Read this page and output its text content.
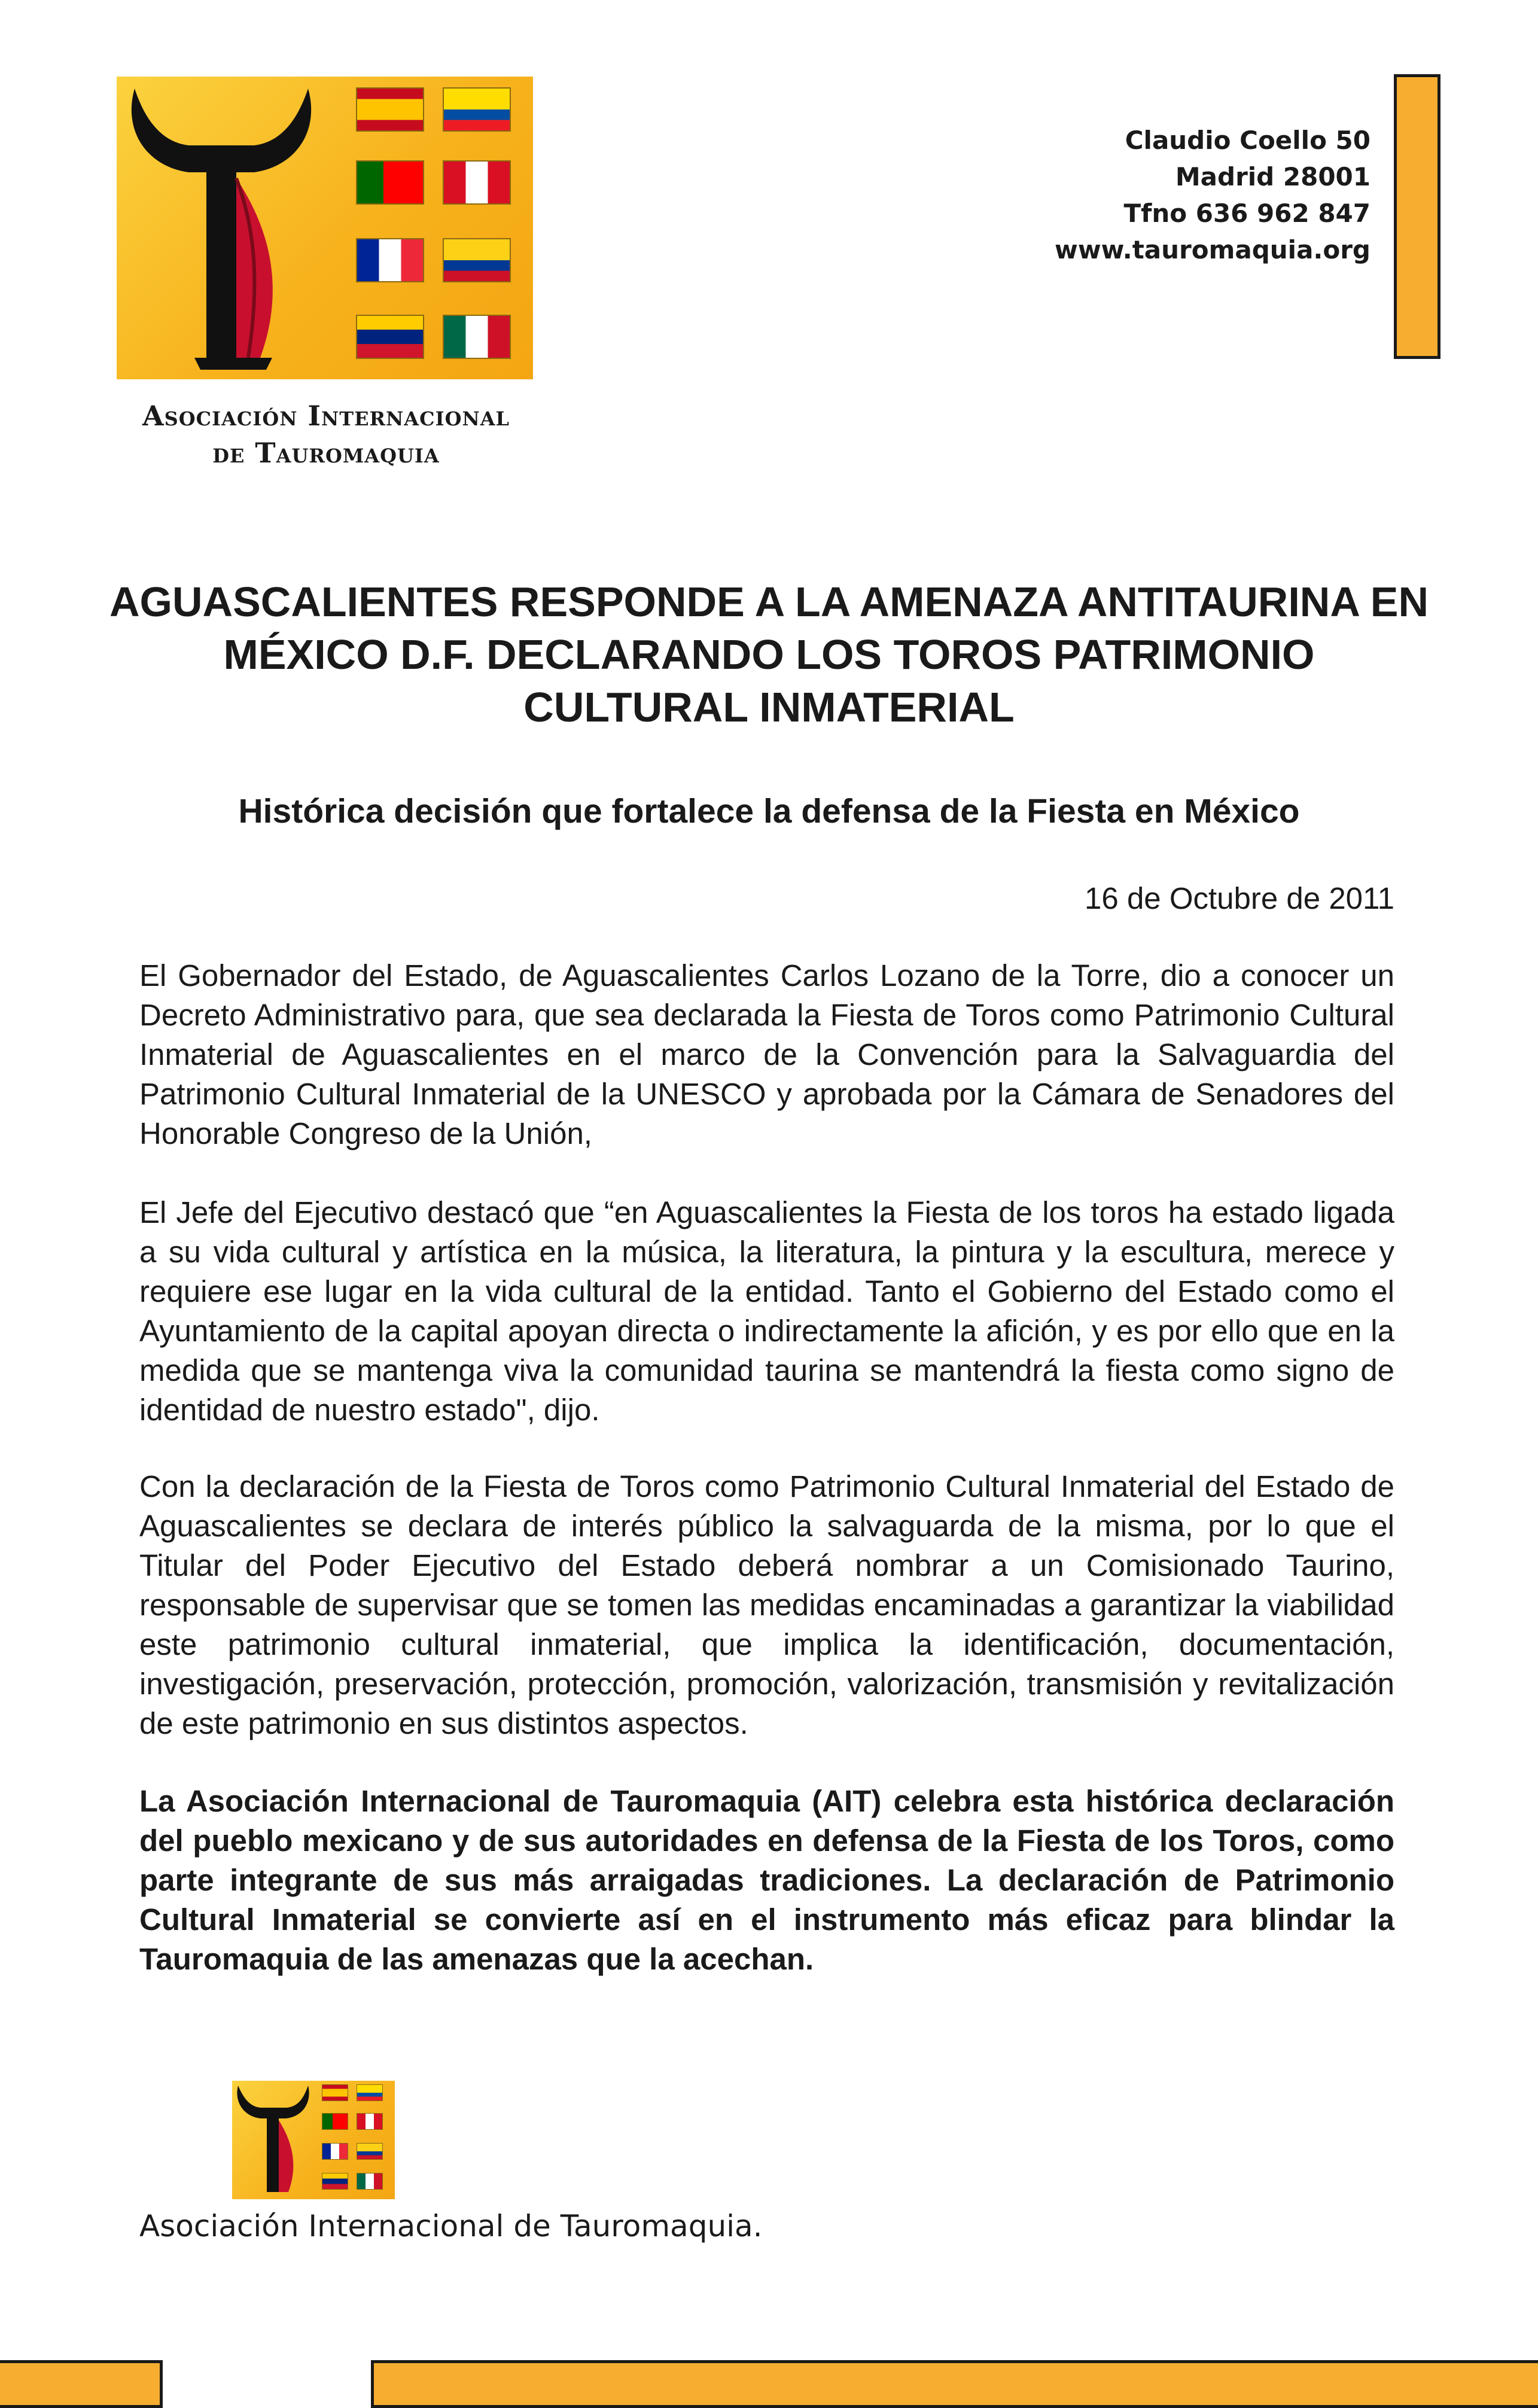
Asociación Internacional
de Tauromaquia
Claudio Coello 50
Madrid 28001
Tfno 636 962 847
www.tauromaquia.org
AGUASCALIENTES RESPONDE A LA AMENAZA ANTITAURINA EN MÉXICO D.F. DECLARANDO LOS TOROS PATRIMONIO CULTURAL INMATERIAL
Histórica decisión que fortalece la defensa de la Fiesta en México
16 de Octubre de 2011
El Gobernador del Estado, de Aguascalientes Carlos Lozano de la Torre, dio a conocer un Decreto Administrativo para, que sea declarada la Fiesta de Toros como Patrimonio Cultural Inmaterial de Aguascalientes en el marco de la Convención para la Salvaguardia del Patrimonio Cultural Inmaterial de la UNESCO y aprobada por la Cámara de Senadores del Honorable Congreso de la Unión,
El Jefe del Ejecutivo destacó que “en Aguascalientes la Fiesta de los toros ha estado ligada a su vida cultural y artística en la música, la literatura, la pintura y la escultura, merece y requiere ese lugar en la vida cultural de la entidad. Tanto el Gobierno del Estado como el Ayuntamiento de la capital apoyan directa o indirectamente la afición, y es por ello que en la medida que se mantenga viva la comunidad taurina se mantendrá la fiesta como signo de identidad de nuestro estado", dijo.
Con la declaración de la Fiesta de Toros como Patrimonio Cultural Inmaterial del Estado de Aguascalientes se declara de interés público la salvaguarda de la misma, por lo que el Titular del Poder Ejecutivo del Estado deberá nombrar a un Comisionado Taurino, responsable de supervisar que se tomen las medidas encaminadas a garantizar la viabilidad este patrimonio cultural inmaterial, que implica la identificación, documentación, investigación, preservación, protección, promoción, valorización, transmisión y revitalización de este patrimonio en sus distintos aspectos.
La Asociación Internacional de Tauromaquia (AIT) celebra esta histórica declaración del pueblo mexicano y de sus autoridades en defensa de la Fiesta de los Toros, como parte integrante de sus más arraigadas tradiciones. La declaración de Patrimonio Cultural Inmaterial se convierte así en el instrumento más eficaz para blindar la Tauromaquia de las amenazas que la acechan.
Asociación Internacional de Tauromaquia.
